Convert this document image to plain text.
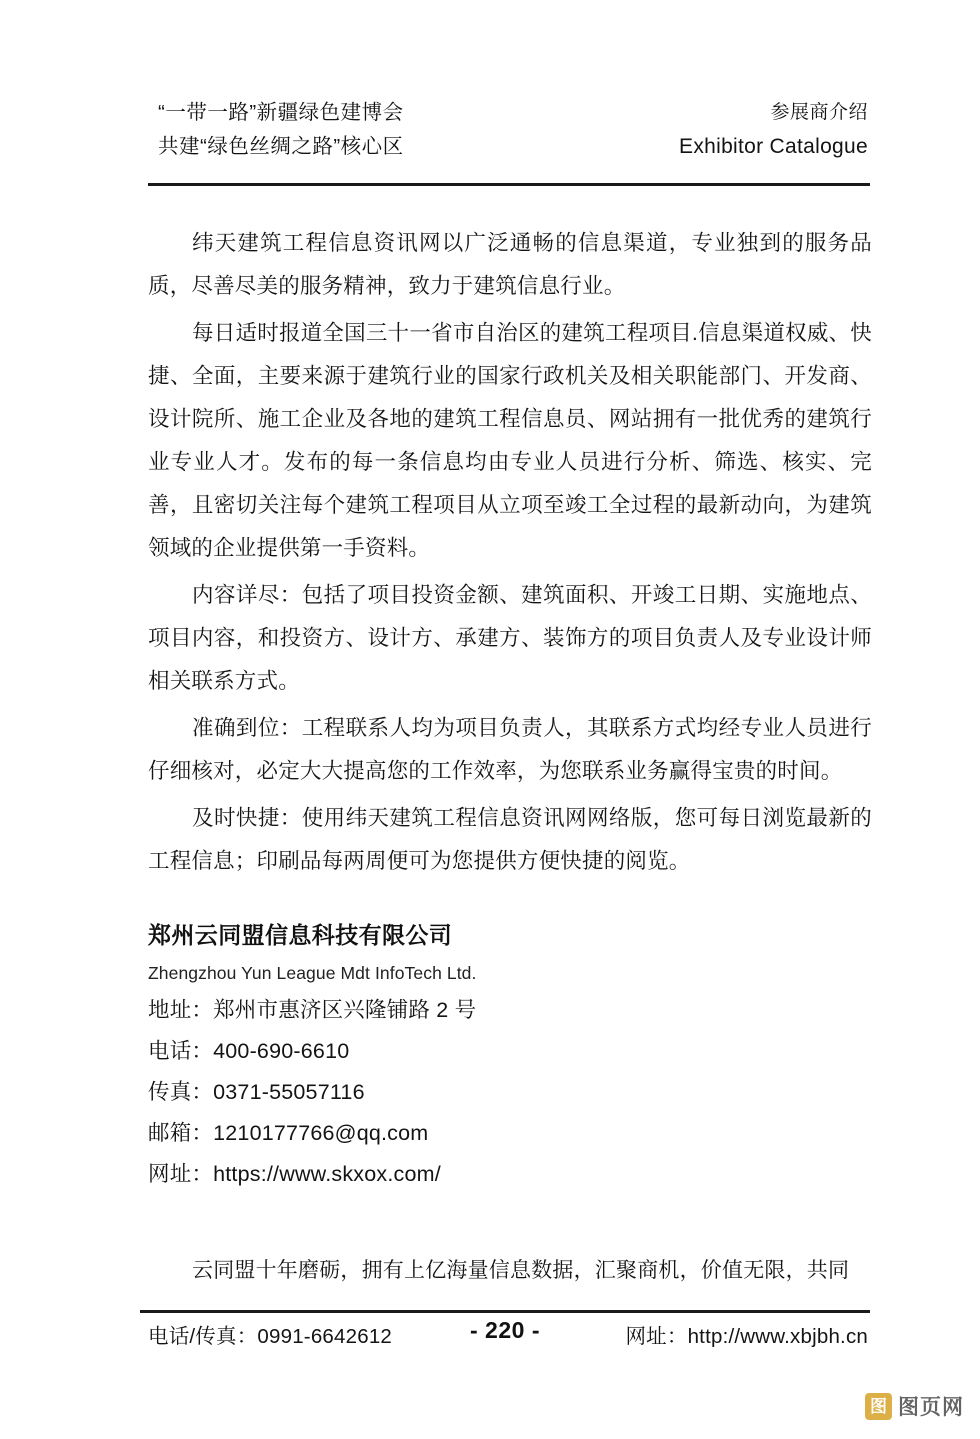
“一带一路”新疆绿色建博会
共建“绿色丝绸之路”核心区
参展商介绍
Exhibitor Catalogue

纬天建筑工程信息资讯网以广泛通畅的信息渠道，专业独到的服务品质，尽善尽美的服务精神，致力于建筑信息行业。

每日适时报道全国三十一省市自治区的建筑工程项目.信息渠道权威、快捷、全面，主要来源于建筑行业的国家行政机关及相关职能部门、开发商、设计院所、施工企业及各地的建筑工程信息员、网站拥有一批优秀的建筑行业专业人才。发布的每一条信息均由专业人员进行分析、筛选、核实、完善，且密切关注每个建筑工程项目从立项至竣工全过程的最新动向，为建筑领域的企业提供第一手资料。

内容详尽：包括了项目投资金额、建筑面积、开竣工日期、实施地点、项目内容，和投资方、设计方、承建方、装饰方的项目负责人及专业设计师相关联系方式。

准确到位：工程联系人均为项目负责人，其联系方式均经专业人员进行仔细核对，必定大大提高您的工作效率，为您联系业务赢得宝贵的时间。

及时快捷：使用纬天建筑工程信息资讯网网络版，您可每日浏览最新的工程信息；印刷品每两周便可为您提供方便快捷的阅览。

郑州云同盟信息科技有限公司
Zhengzhou Yun League Mdt InfoTech Ltd.
地址：郑州市惠济区兴隆铺路 2 号
电话：400-690-6610
传真：0371-55057116
邮箱：1210177766@qq.com
网址：https://www.skxox.com/
云同盟十年磨砺，拥有上亿海量信息数据，汇聚商机，价值无限，共同
电话/传真：0991-6642612	- 220 -	网址：http://www.xbjbh.cn
图 图页网
